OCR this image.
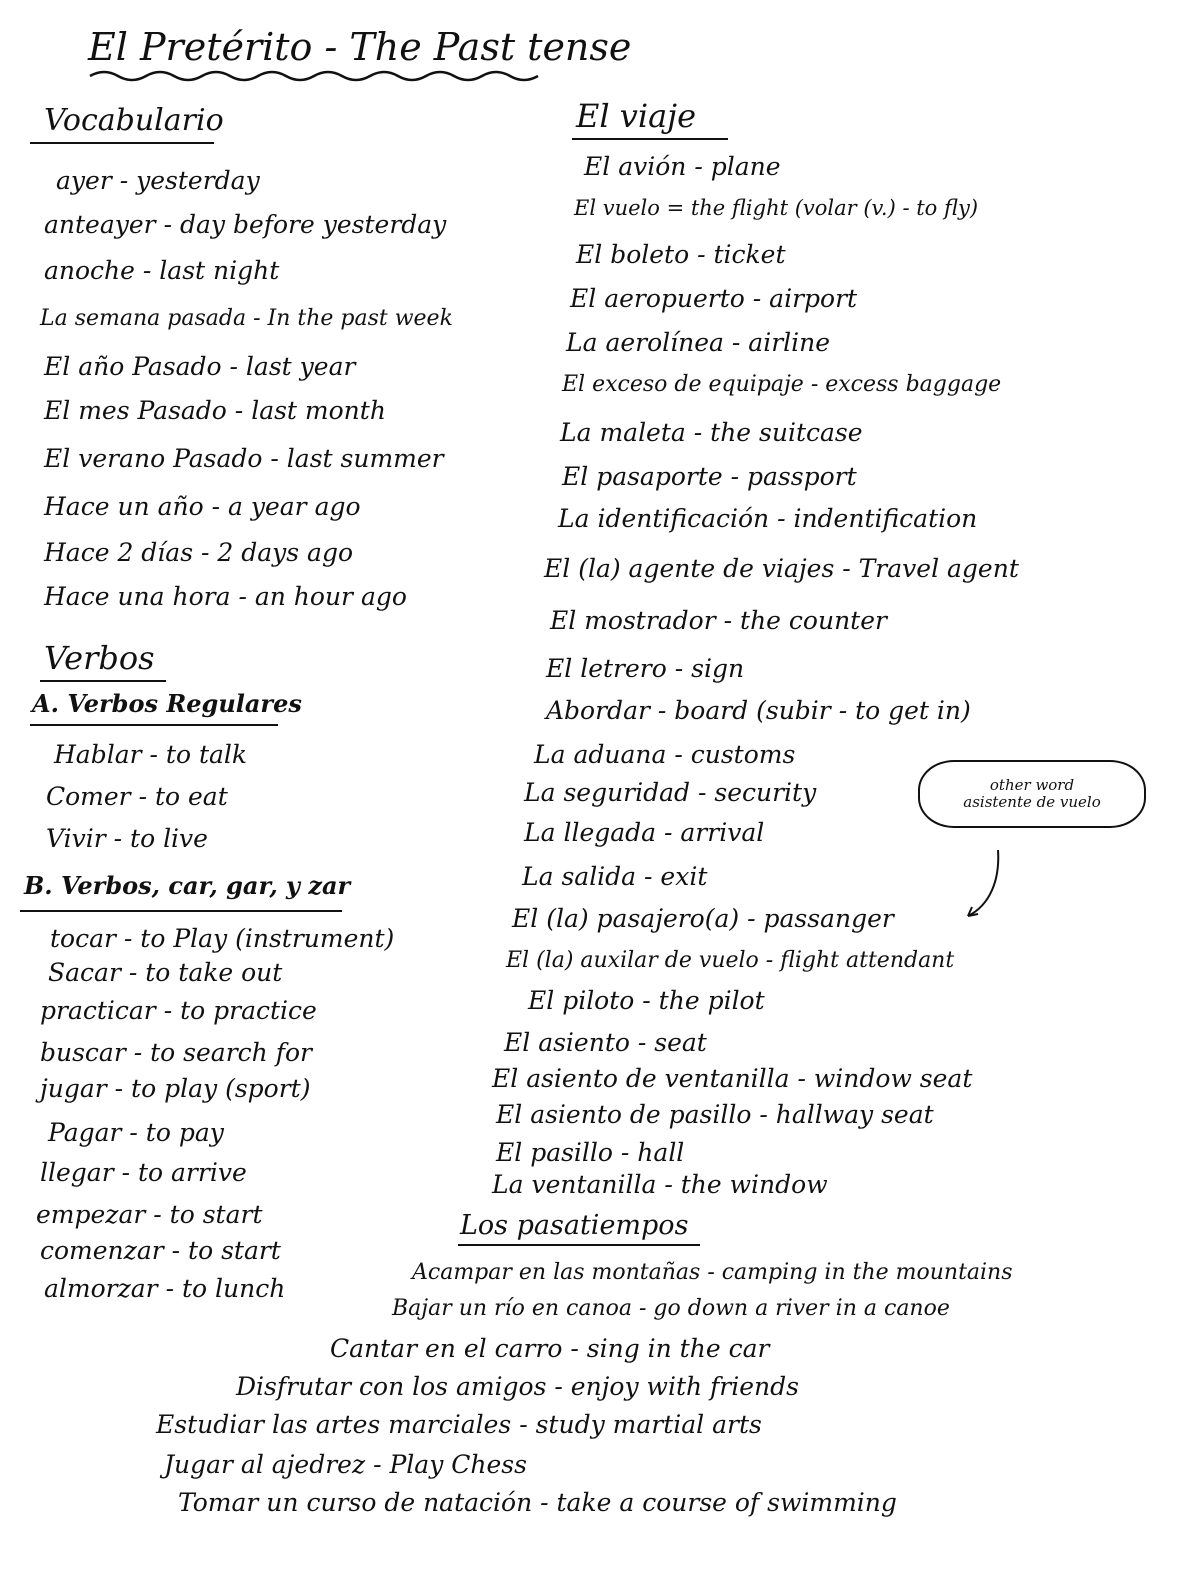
El Pretérito - The Past tense
Vocabulario
ayer - yesterday
anteayer - day before yesterday
anoche - last night
La semana pasada - In the past week
El año Pasado - last year
El mes Pasado - last month
El verano Pasado - last summer
Hace un año - a year ago
Hace 2 días - 2 days ago
Hace una hora - an hour ago
Verbos
A. Verbos Regulares
Hablar - to talk
Comer - to eat
Vivir - to live
B. Verbos, car, gar, y zar
tocar - to Play (instrument)
Sacar - to take out
practicar - to practice
buscar - to search for
jugar - to play (sport)
Pagar - to pay
llegar - to arrive
empezar - to start
comenzar - to start
almorzar - to lunch
El viaje
El avión - plane
El vuelo = the flight (volar (v.) - to fly)
El boleto - ticket
El aeropuerto - airport
La aerolínea - airline
El exceso de equipaje - excess baggage
La maleta - the suitcase
El pasaporte - passport
La identificación - indentification
El (la) agente de viajes - Travel agent
El mostrador - the counter
El letrero - sign
Abordar - board (subir - to get in)
La aduana - customs
La seguridad - security
La llegada - arrival
La salida - exit
El (la) pasajero(a) - passanger
El (la) auxilar de vuelo - flight attendant
El piloto - the pilot
El asiento - seat
El asiento de ventanilla - window seat
El asiento de pasillo - hallway seat
El pasillo - hall
La ventanilla - the window
other word
asistente de vuelo
Los pasatiempos
Acampar en las montañas - camping in the mountains
Bajar un río en canoa - go down a river in a canoe
Cantar en el carro - sing in the car
Disfrutar con los amigos - enjoy with friends
Estudiar las artes marciales - study martial arts
Jugar al ajedrez - Play Chess
Tomar un curso de natación - take a course of swimming
